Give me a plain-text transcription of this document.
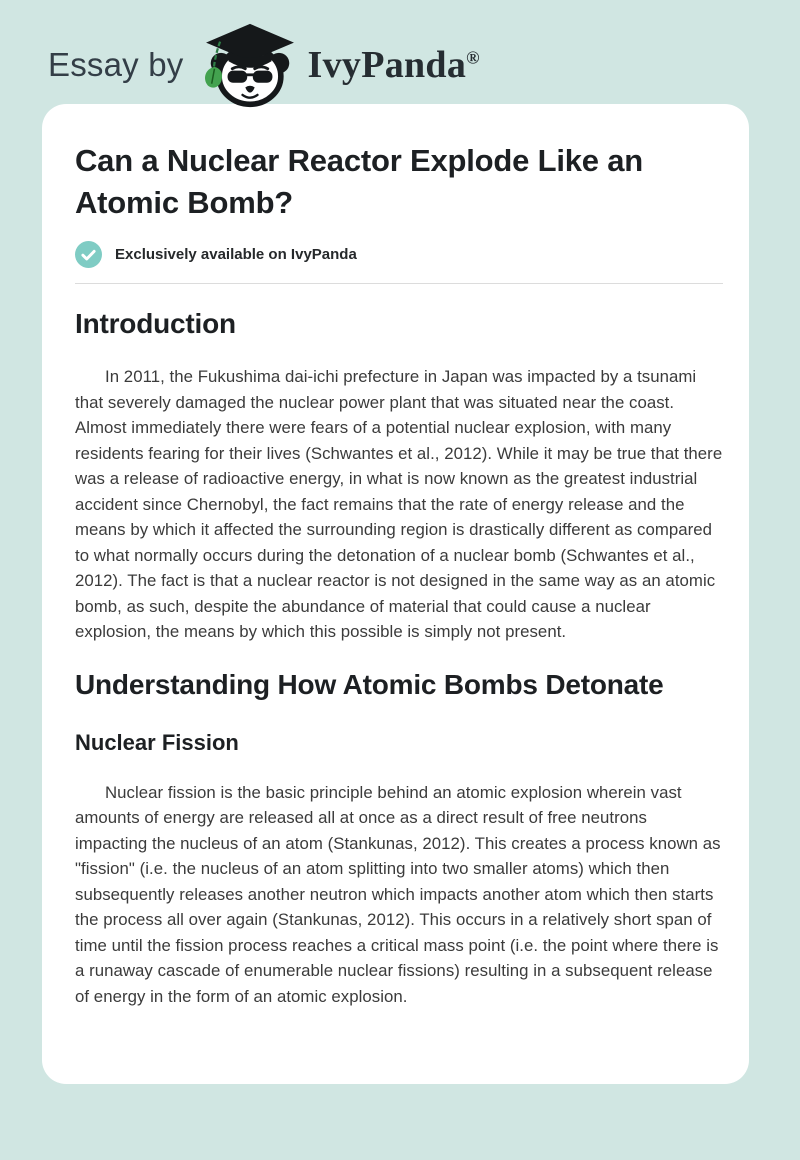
Essay by	IvyPanda®
Can a Nuclear Reactor Explode Like an Atomic Bomb?
Exclusively available on IvyPanda
Introduction

In 2011, the Fukushima dai-ichi prefecture in Japan was impacted by a tsunami that severely damaged the nuclear power plant that was situated near the coast. Almost immediately there were fears of a potential nuclear explosion, with many residents fearing for their lives (Schwantes et al., 2012). While it may be true that there was a release of radioactive energy, in what is now known as the greatest industrial accident since Chernobyl, the fact remains that the rate of energy release and the means by which it affected the surrounding region is drastically different as compared to what normally occurs during the detonation of a nuclear bomb (Schwantes et al., 2012). The fact is that a nuclear reactor is not designed in the same way as an atomic bomb, as such, despite the abundance of material that could cause a nuclear explosion, the means by which this possible is simply not present.

Understanding How Atomic Bombs Detonate
Nuclear Fission

Nuclear fission is the basic principle behind an atomic explosion wherein vast amounts of energy are released all at once as a direct result of free neutrons impacting the nucleus of an atom (Stankunas, 2012). This creates a process known as "fission" (i.e. the nucleus of an atom splitting into two smaller atoms) which then subsequently releases another neutron which impacts another atom which then starts the process all over again (Stankunas, 2012). This occurs in a relatively short span of time until the fission process reaches a critical mass point (i.e. the point where there is a runaway cascade of enumerable nuclear fissions) resulting in a subsequent release of energy in the form of an atomic explosion.
